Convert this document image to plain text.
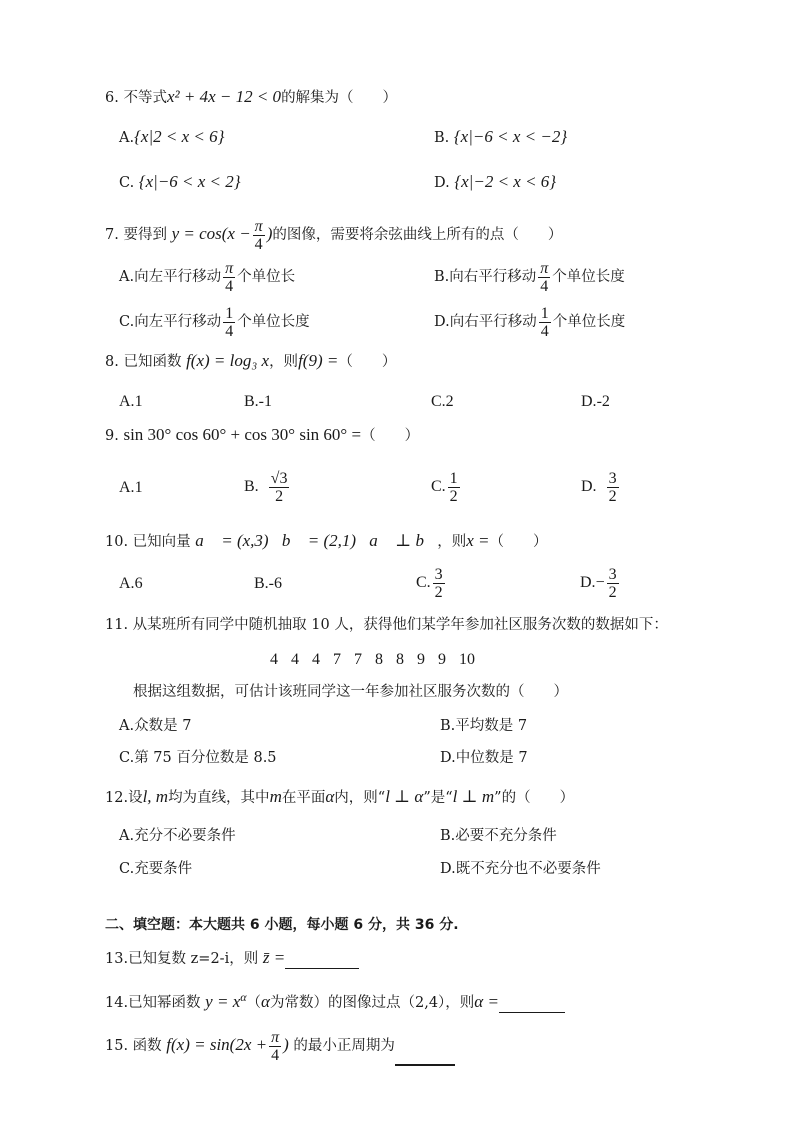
6. 不等式x² + 4x − 12 < 0的解集为（　　）
A.{x|2 < x < 6}	B. {x|−6 < x < −2}
C. {x|−6 < x < 2}	D. {x|−2 < x < 6}
7. 要得到 $y = \cos(x - \frac{\pi}{4}$ )的图像，需要将余弦曲线上所有的点（　　）
A.向左平行移动 $\frac{\pi}{4}$ 个单位长	B.向右平行移动 $\frac{\pi}{4}$ 个单位长度
C.向左平行移动 $\frac{1}{4}$ 个单位长度	D.向右平行移动 $\frac{1}{4}$ 个单位长度
8. 已知函数 f(x) = log₃ x，则f(9) =（　　）
A.1	B.-1	C.2	D.-2
9. sin 30° cos 60° + cos 30° sin 60° =（　　）
A.1	B. $\frac{√3}{2}$	C. $\frac{1}{2}$	D. $\frac{3}{2}$
10. 已知向量 a⃗ = (x,3)，b⃗ = (2,1)，a⃗ ⊥ b⃗，则x =（　　）
A.6	B.-6	C. $\frac{3}{2}$	$D.- \frac{3}{2}$
11. 从某班所有同学中随机抽取 10 人，获得他们某学年参加社区服务次数的数据如下：
4 4 4 7 7 8 8 9 9 10
根据这组数据，可估计该班同学这一年参加社区服务次数的（　　）
A.众数是 7	B.平均数是 7
C.第 75 百分位数是 8.5	D.中位数是 7
12.设l, m均为直线，其中m在平面α内，则“l ⊥ α”是“l ⊥ m”的（　　）
A.充分不必要条件	B.必要不充分条件
C.充要条件	D.既不充分也不必要条件
二、填空题：本大题共 6 小题，每小题 6 分，共 36 分.
13.已知复数 z=2-i，则 z̄ =
14.已知幂函数 $y = x^\alpha(\alpha$为常数）的图像过点（2,4），则α =
15. 函数 $f(x) = \sin(2x + \frac{\pi}{4}$ ) 的最小正周期为
